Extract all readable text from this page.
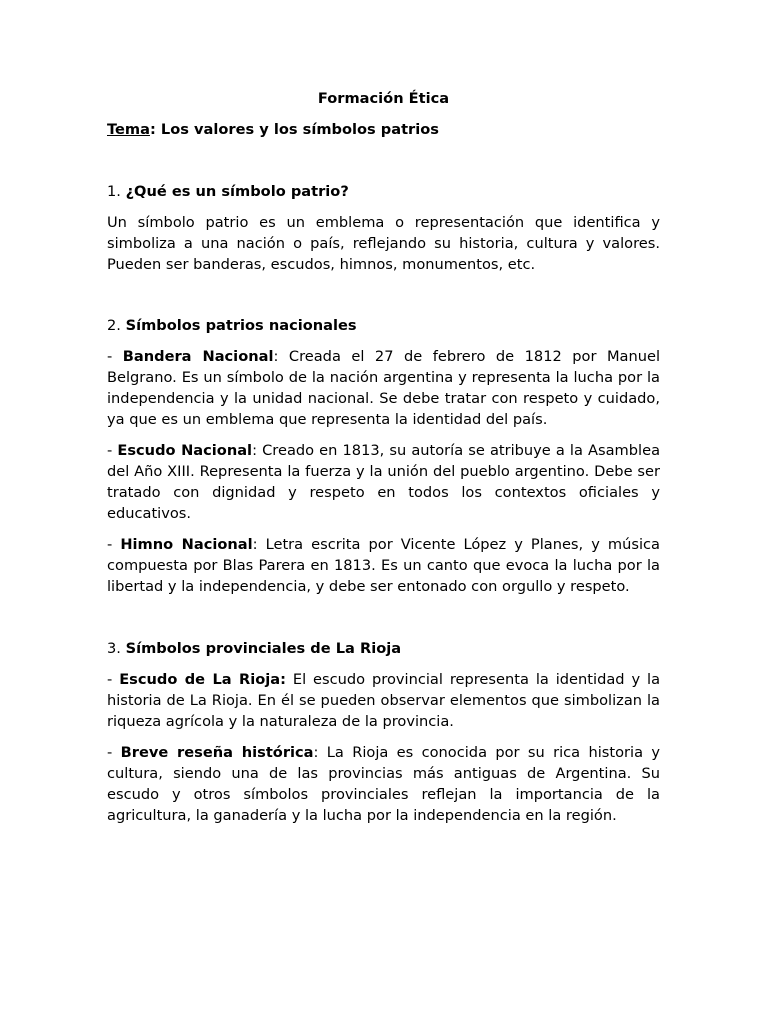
Formación Ética
Tema: Los valores y los símbolos patrios
1. ¿Qué es un símbolo patrio?

Un símbolo patrio es un emblema o representación que identifica y simboliza a una nación o país, reflejando su historia, cultura y valores. Pueden ser banderas, escudos, himnos, monumentos, etc.

2. Símbolos patrios nacionales

- Bandera Nacional: Creada el 27 de febrero de 1812 por Manuel Belgrano. Es un símbolo de la nación argentina y representa la lucha por la independencia y la unidad nacional. Se debe tratar con respeto y cuidado, ya que es un emblema que representa la identidad del país.

- Escudo Nacional: Creado en 1813, su autoría se atribuye a la Asamblea del Año XIII. Representa la fuerza y la unión del pueblo argentino. Debe ser tratado con dignidad y respeto en todos los contextos oficiales y educativos.

- Himno Nacional: Letra escrita por Vicente López y Planes, y música compuesta por Blas Parera en 1813. Es un canto que evoca la lucha por la libertad y la independencia, y debe ser entonado con orgullo y respeto.

3. Símbolos provinciales de La Rioja

- Escudo de La Rioja: El escudo provincial representa la identidad y la historia de La Rioja. En él se pueden observar elementos que simbolizan la riqueza agrícola y la naturaleza de la provincia.

- Breve reseña histórica: La Rioja es conocida por su rica historia y cultura, siendo una de las provincias más antiguas de Argentina. Su escudo y otros símbolos provinciales reflejan la importancia de la agricultura, la ganadería y la lucha por la independencia en la región.
